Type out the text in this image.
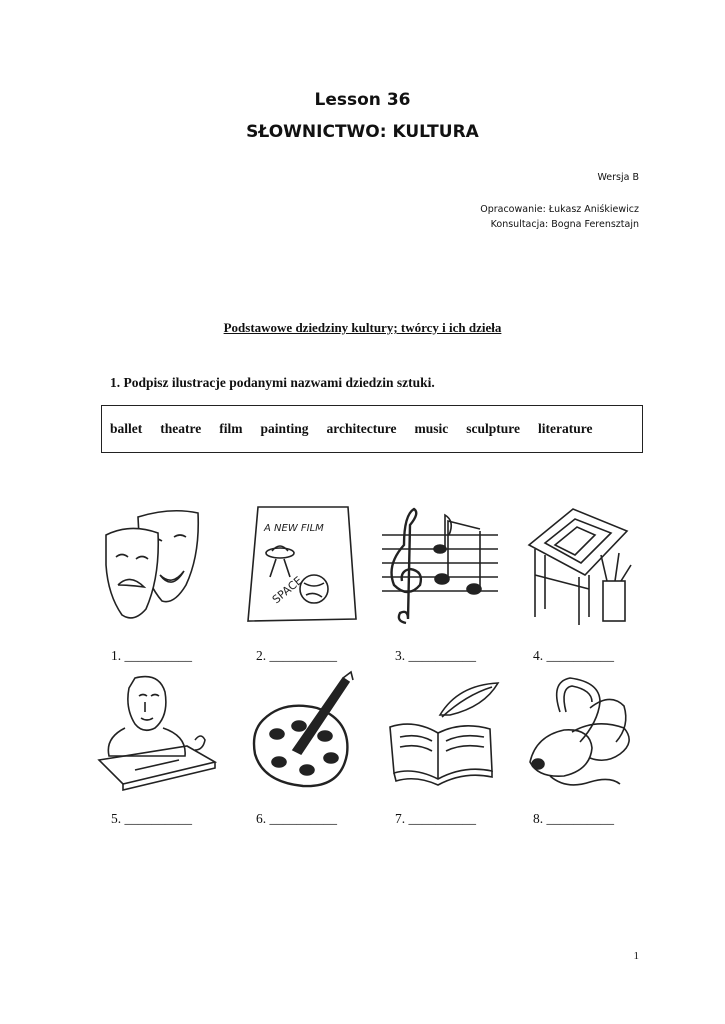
Lesson 36
SŁOWNICTWO: KULTURA
Wersja B
Opracowanie: Łukasz Aniśkiewicz
Konsultacja: Bogna Ferensztajn
Podstawowe dziedziny kultury; twórcy i ich dzieła
1. Podpisz ilustracje podanymi nazwami dziedzin sztuki.
ballet theatre film painting architecture music sculpture literature
A NEW FILM
SPACE
1. __________	2. __________	3. __________	4. __________
5. __________	6. __________	7. __________	8. __________
1
